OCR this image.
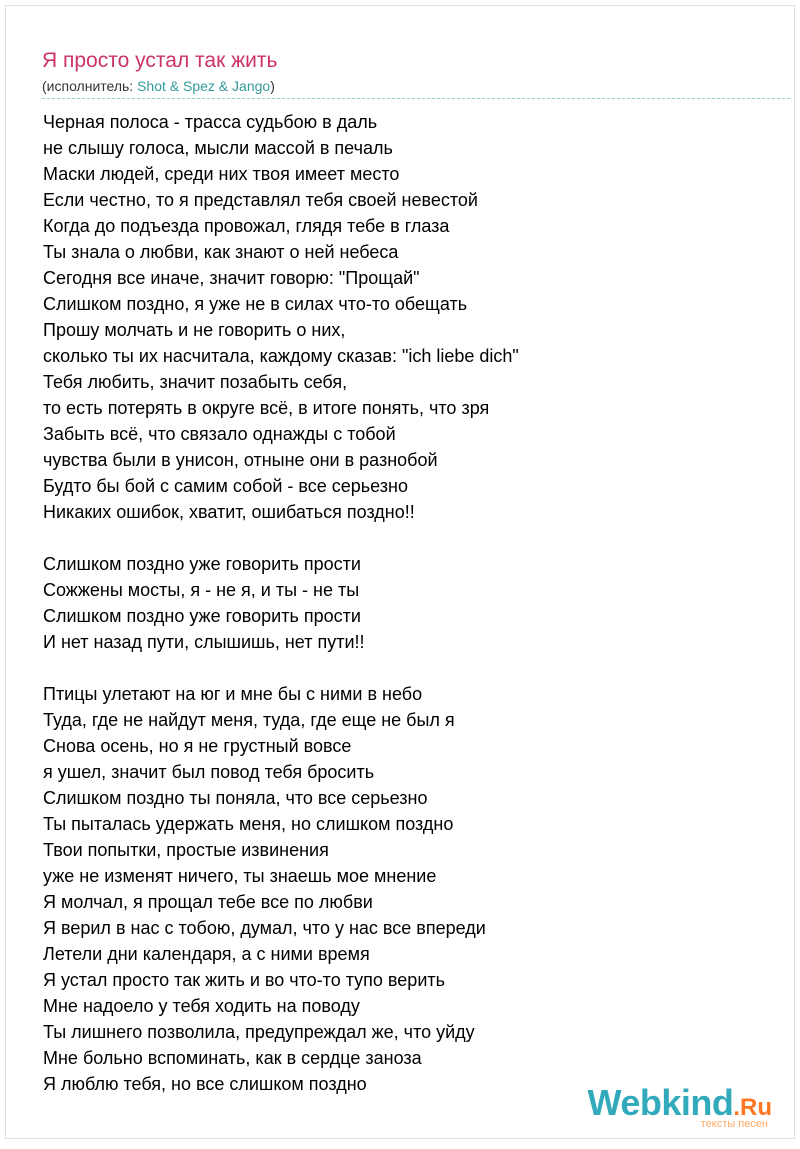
Я просто устал так жить
(исполнитель: Shot & Spez & Jango)
Черная полоса - трасса судьбою в даль
не слышу голоса, мысли массой в печаль
Маски людей, среди них твоя имеет место
Если честно, то я представлял тебя своей невестой
Когда до подъезда провожал, глядя тебе в глаза
Ты знала о любви, как знают о ней небеса
Сегодня все иначе, значит говорю: "Прощай"
Слишком поздно, я уже не в силах что-то обещать
Прошу молчать и не говорить о них,
сколько ты их насчитала, каждому сказав: "ich liebe dich"
Тебя любить, значит позабыть себя,
то есть потерять в округе всё, в итоге понять, что зря
Забыть всё, что связало однажды с тобой
чувства были в унисон, отныне они в разнобой
Будто бы бой с самим собой - все серьезно
Никаких ошибок, хватит, ошибаться поздно!!
Слишком поздно уже говорить прости
Сожжены мосты, я - не я, и ты - не ты
Слишком поздно уже говорить прости
И нет назад пути, слышишь, нет пути!!
Птицы улетают на юг и мне бы с ними в небо
Туда, где не найдут меня, туда, где еще не был я
Снова осень, но я не грустный вовсе
я ушел, значит был повод тебя бросить
Слишком поздно ты поняла, что все серьезно
Ты пыталась удержать меня, но слишком поздно
Твои попытки, простые извинения
уже не изменят ничего, ты знаешь мое мнение
Я молчал, я прощал тебе все по любви
Я верил в нас с тобою, думал, что у нас все впереди
Летели дни календаря, а с ними время
Я устал просто так жить и во что-то тупо верить
Мне надоело у тебя ходить на поводу
Ты лишнего позволила, предупреждал же, что уйду
Мне больно вспоминать, как в сердце заноза
Я люблю тебя, но все слишком поздно	Webkind.Ru
тексты песен
